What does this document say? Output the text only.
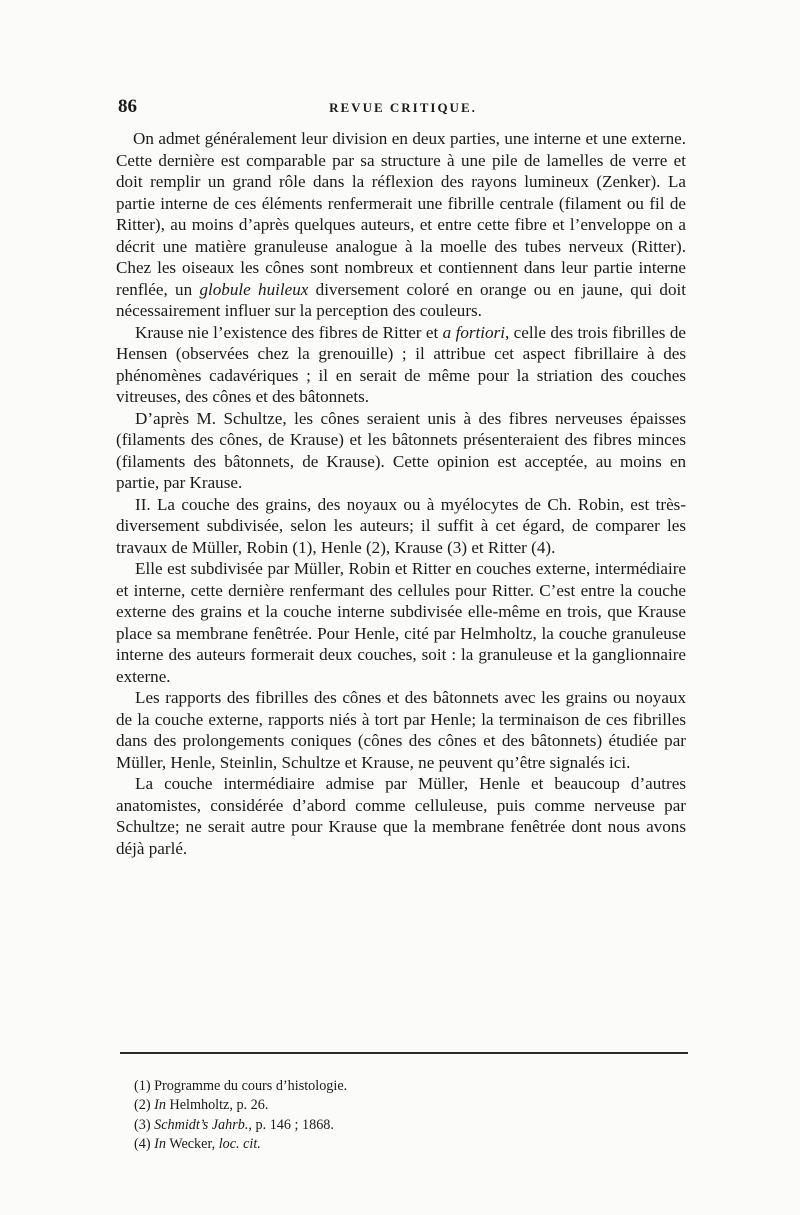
86	REVUE CRITIQUE.

On admet généralement leur division en deux parties, une interne et une externe. Cette dernière est comparable par sa structure à une pile de lamelles de verre et doit remplir un grand rôle dans la réflexion des rayons lumineux (Zenker). La partie interne de ces éléments renfermerait une fibrille centrale (filament ou fil de Ritter), au moins d’après quelques auteurs, et entre cette fibre et l’enveloppe on a décrit une matière granuleuse analogue à la moelle des tubes nerveux (Ritter). Chez les oiseaux les cônes sont nombreux et contiennent dans leur partie interne renflée, un globule huileux diversement coloré en orange ou en jaune, qui doit nécessairement influer sur la perception des couleurs.

Krause nie l’existence des fibres de Ritter et a fortiori, celle des trois fibrilles de Hensen (observées chez la grenouille) ; il attribue cet aspect fibrillaire à des phénomènes cadavériques ; il en serait de même pour la striation des couches vitreuses, des cônes et des bâtonnets.

D’après M. Schultze, les cônes seraient unis à des fibres nerveuses épaisses (filaments des cônes, de Krause) et les bâtonnets présenteraient des fibres minces (filaments des bâtonnets, de Krause). Cette opinion est acceptée, au moins en partie, par Krause.

II. La couche des grains, des noyaux ou à myélocytes de Ch. Robin, est très-diversement subdivisée, selon les auteurs; il suffit à cet égard, de comparer les travaux de Müller, Robin (1), Henle (2), Krause (3) et Ritter (4).

Elle est subdivisée par Müller, Robin et Ritter en couches externe, intermédiaire et interne, cette dernière renfermant des cellules pour Ritter. C’est entre la couche externe des grains et la couche interne subdivisée elle-même en trois, que Krause place sa membrane fenêtrée. Pour Henle, cité par Helmholtz, la couche granuleuse interne des auteurs formerait deux couches, soit : la granuleuse et la ganglionnaire externe.

Les rapports des fibrilles des cônes et des bâtonnets avec les grains ou noyaux de la couche externe, rapports niés à tort par Henle; la terminaison de ces fibrilles dans des prolongements coniques (cônes des cônes et des bâtonnets) étudiée par Müller, Henle, Steinlin, Schultze et Krause, ne peuvent qu’être signalés ici.

La couche intermédiaire admise par Müller, Henle et beaucoup d’autres anatomistes, considérée d’abord comme celluleuse, puis comme nerveuse par Schultze; ne serait autre pour Krause que la membrane fenêtrée dont nous avons déjà parlé.

(1) Programme du cours d’histologie.

(2) In Helmholtz, p. 26.

(3) Schmidt’s Jahrb., p. 146 ; 1868.

(4) In Wecker, loc. cit.
